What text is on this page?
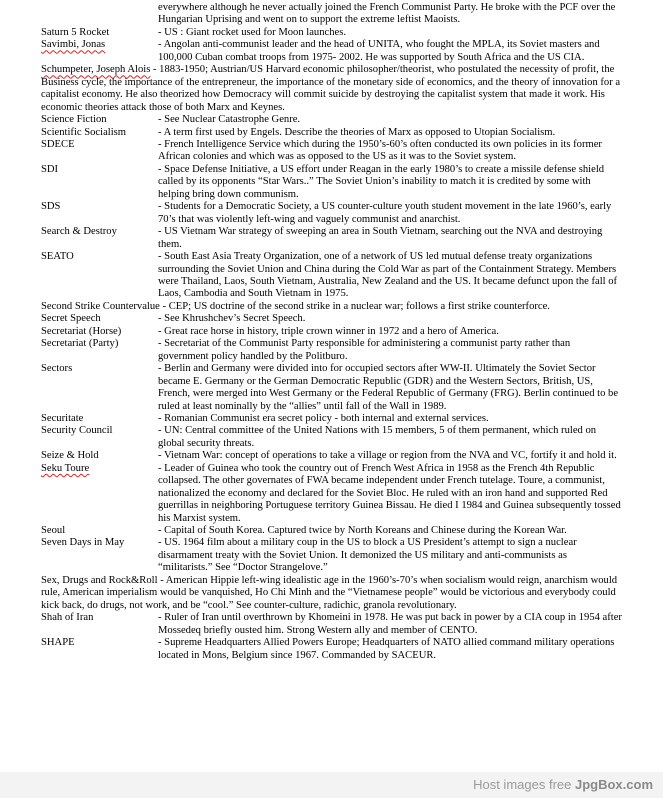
everywhere although he never actually joined the French Communist Party. He broke with the PCF over the Hungarian Uprising and went on to support the extreme leftist Maoists.
Saturn 5 Rocket	- US : Giant rocket used for Moon launches.
Savimbi, Jonas	- Angolan anti-communist leader and the head of UNITA, who fought the MPLA, its Soviet masters and 100,000 Cuban combat troops from 1975- 2002. He was supported by South Africa and the US CIA.
Schumpeter, Joseph Alois - 1883-1950; Austrian/US Harvard economic philosopher/theorist, who postulated the necessity of profit, the Business cycle, the importance of the entrepreneur, the importance of the monetary side of economics, and the theory of innovation for a capitalist economy. He also theorized how Democracy will commit suicide by destroying the capitalist system that made it work. His economic theories attack those of both Marx and Keynes.
Science Fiction	- See Nuclear Catastrophe Genre.
Scientific Socialism	- A term first used by Engels. Describe the theories of Marx as opposed to Utopian Socialism.
SDECE	- French Intelligence Service which during the 1950’s-60’s often conducted its own policies in its former African colonies and which was as opposed to the US as it was to the Soviet system.
SDI	- Space Defense Initiative, a US effort under Reagan in the early 1980’s to create a missile defense shield called by its opponents “Star Wars..” The Soviet Union’s inability to match it is credited by some with helping bring down communism.
SDS	- Students for a Democratic Society, a US counter-culture youth student movement in the late 1960’s, early 70’s that was violently left-wing and vaguely communist and anarchist.
Search & Destroy	- US Vietnam War strategy of sweeping an area in South Vietnam, searching out the NVA and destroying them.
SEATO	- South East Asia Treaty Organization, one of a network of US led mutual defense treaty organizations surrounding the Soviet Union and China during the Cold War as part of the Containment Strategy. Members were Thailand, Laos, South Vietnam, Australia, New Zealand and the US. It became defunct upon the fall of Laos, Cambodia and South Vietnam in 1975.
Second Strike Countervalue - CEP; US doctrine of the second strike in a nuclear war; follows a first strike counterforce.
Secret Speech	- See Khrushchev’s Secret Speech.
Secretariat (Horse)	- Great race horse in history, triple crown winner in 1972 and a hero of America.
Secretariat (Party)	- Secretariat of the Communist Party responsible for administering a communist party rather than government policy handled by the Politburo.
Sectors	- Berlin and Germany were divided into for occupied sectors after WW-II. Ultimately the Soviet Sector became E. Germany or the German Democratic Republic (GDR) and the Western Sectors, British, US, French, were merged into West Germany or the Federal Republic of Germany (FRG). Berlin continued to be ruled at least nominally by the “allies” until fall of the Wall in 1989.
Securitate	- Romanian Communist era secret policy - both internal and external services.
Security Council	- UN: Central committee of the United Nations with 15 members, 5 of them permanent, which ruled on global security threats.
Seize & Hold	- Vietnam War: concept of operations to take a village or region from the NVA and VC, fortify it and hold it.
Seku Toure	- Leader of Guinea who took the country out of French West Africa in 1958 as the French 4th Republic collapsed. The other governates of FWA became independent under French tutelage. Toure, a communist, nationalized the economy and declared for the Soviet Bloc. He ruled with an iron hand and supported Red guerrillas in neighboring Portuguese territory Guinea Bissau. He died I 1984 and Guinea subsequently tossed his Marxist system.
Seoul	- Capital of South Korea. Captured twice by North Koreans and Chinese during the Korean War.
Seven Days in May	- US. 1964 film about a military coup in the US to block a US President’s attempt to sign a nuclear disarmament treaty with the Soviet Union. It demonized the US military and anti-communists as “militarists.” See “Doctor Strangelove.”
Sex, Drugs and Rock&Roll - American Hippie left-wing idealistic age in the 1960’s-70’s when socialism would reign, anarchism would rule, American imperialism would be vanquished, Ho Chi Minh and the “Vietnamese people” would be victorious and everybody could kick back, do drugs, not work, and be “cool.” See counter-culture, radichic, granola revolutionary.
Shah of Iran	- Ruler of Iran until overthrown by Khomeini in 1978. He was put back in power by a CIA coup in 1954 after Mossedeq briefly ousted him. Strong Western ally and member of CENTO.
SHAPE	- Supreme Headquarters Allied Powers Europe; Headquarters of NATO allied command military operations located in Mons, Belgium since 1967. Commanded by SACEUR.
Host images free JpgBox.com
